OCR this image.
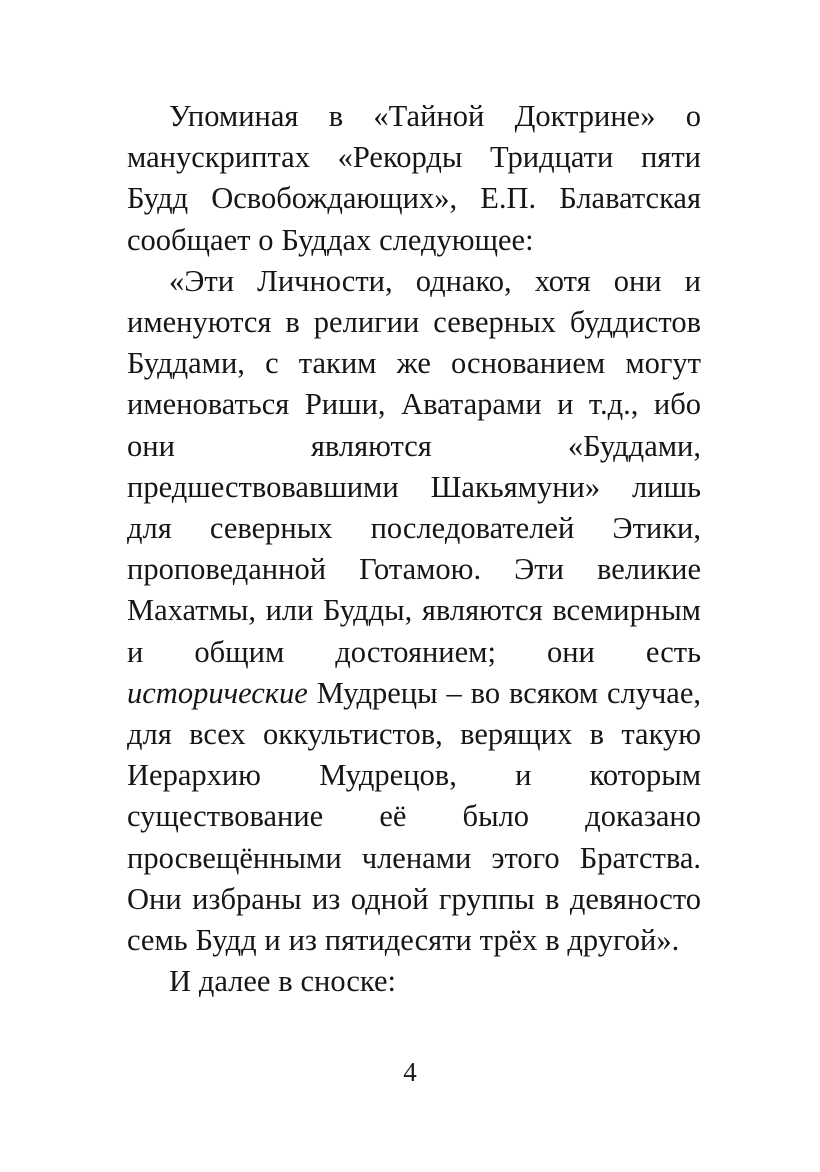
Упоминая в «Тайной Доктрине» о манускриптах «Рекорды Тридцати пяти Будд Освобождающих», Е.П. Блаватская сообщает о Буддах следующее:

«Эти Личности, однако, хотя они и именуются в религии северных буддистов Буддами, с таким же основанием могут именоваться Риши, Аватарами и т.д., ибо они являются «Буддами, предшествовавшими Шакьямуни» лишь для северных последователей Этики, проповеданной Готамою. Эти великие Махатмы, или Будды, являются всемирным и общим достоянием; они есть исторические Мудрецы – во всяком случае, для всех оккультистов, верящих в такую Иерархию Мудрецов, и которым существование её было доказано просвещёнными членами этого Братства. Они избраны из одной группы в девяносто семь Будд и из пятидесяти трёх в другой».

И далее в сноске:

4
